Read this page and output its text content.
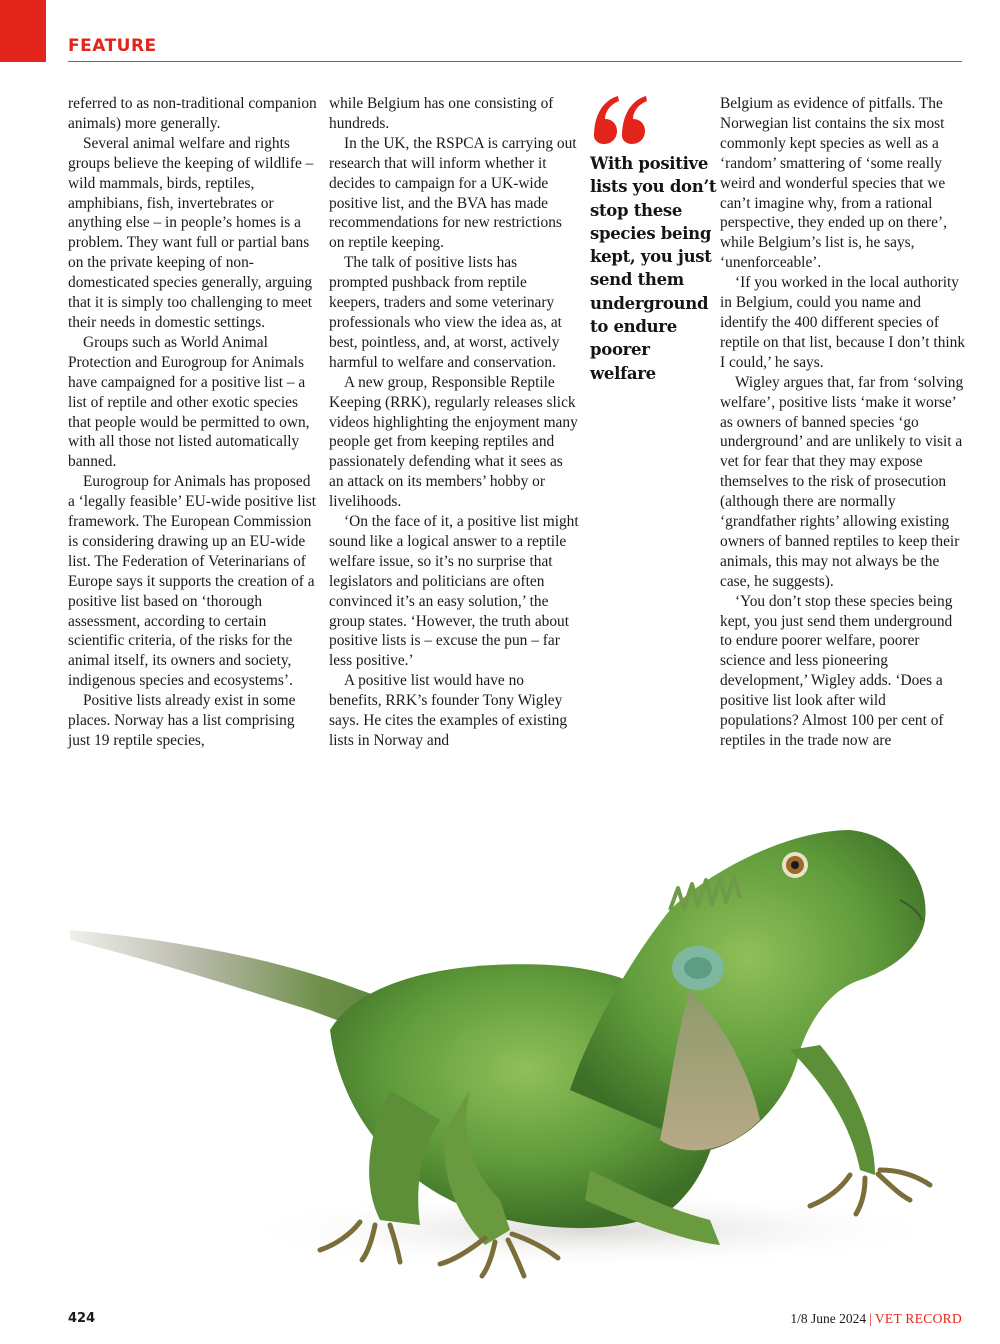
FEATURE

referred to as non-traditional companion animals) more generally.

Several animal welfare and rights groups believe the keeping of wildlife – wild mammals, birds, reptiles, amphibians, fish, invertebrates or anything else – in people’s homes is a problem. They want full or partial bans on the private keeping of non-domesticated species generally, arguing that it is simply too challenging to meet their needs in domestic settings.

Groups such as World Animal Protection and Eurogroup for Animals have campaigned for a positive list – a list of reptile and other exotic species that people would be permitted to own, with all those not listed automatically banned.

Eurogroup for Animals has proposed a ‘legally feasible’ EU-wide positive list framework. The European Commission is considering drawing up an EU-wide list. The Federation of Veterinarians of Europe says it supports the creation of a positive list based on ‘thorough assessment, according to certain scientific criteria, of the risks for the animal itself, its owners and society, indigenous species and ecosystems’.

Positive lists already exist in some places. Norway has a list comprising just 19 reptile species,

while Belgium has one consisting of hundreds.

In the UK, the RSPCA is carrying out research that will inform whether it decides to campaign for a UK-wide positive list, and the BVA has made recommendations for new restrictions on reptile keeping.

The talk of positive lists has prompted pushback from reptile keepers, traders and some veterinary professionals who view the idea as, at best, pointless, and, at worst, actively harmful to welfare and conservation.

A new group, Responsible Reptile Keeping (RRK), regularly releases slick videos highlighting the enjoyment many people get from keeping reptiles and passionately defending what it sees as an attack on its members’ hobby or livelihoods.

‘On the face of it, a positive list might sound like a logical answer to a reptile welfare issue, so it’s no surprise that legislators and politicians are often convinced it’s an easy solution,’ the group states. ‘However, the truth about positive lists is – excuse the pun – far less positive.’

A positive list would have no benefits, RRK’s founder Tony Wigley says. He cites the examples of existing lists in Norway and

With positive lists you don’t stop these species being kept, you just send them underground to endure poorer welfare

Belgium as evidence of pitfalls. The Norwegian list contains the six most commonly kept species as well as a ‘random’ smattering of ‘some really weird and wonderful species that we can’t imagine why, from a rational perspective, they ended up on there’, while Belgium’s list is, he says, ‘unenforceable’.

‘If you worked in the local authority in Belgium, could you name and identify the 400 different species of reptile on that list, because I don’t think I could,’ he says.

Wigley argues that, far from ‘solving welfare’, positive lists ‘make it worse’ as owners of banned species ‘go underground’ and are unlikely to visit a vet for fear that they may expose themselves to the risk of prosecution (although there are normally ‘grandfather rights’ allowing existing owners of banned reptiles to keep their animals, this may not always be the case, he suggests).

‘You don’t stop these species being kept, you just send them underground to endure poorer welfare, poorer science and less pioneering development,’ Wigley adds. ‘Does a positive list look after wild populations? Almost 100 per cent of reptiles in the trade now are

424	1/8 June 2024 | VET RECORD
